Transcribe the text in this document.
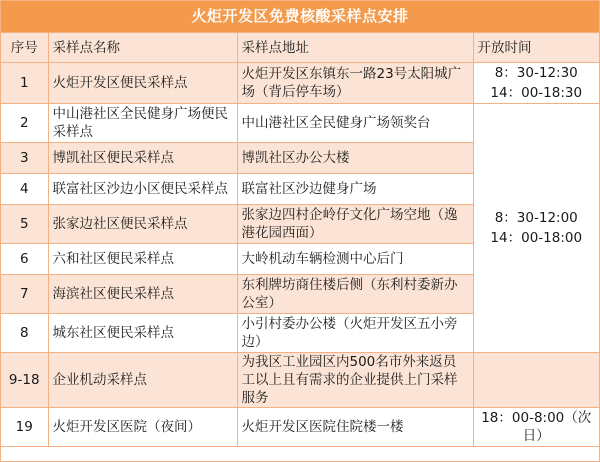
火炬开发区免费核酸采样点安排
序号	采样点名称	采样点地址	开放时间
1	火炬开发区便民采样点	火炬开发区东镇东一路23号太阳城广场（背后停车场）	8：30-12:30
14：00-18:30

2	中山港社区全民健身广场便民采样点	中山港社区全民健身广场领奖台	8：30-12:00
14：00-18:00

3	博凯社区便民采样点	博凯社区办公大楼	
4	联富社区沙边小区便民采样点	联富社区沙边健身广场	
5	张家边社区便民采样点	张家边四村企岭仔文化广场空地（逸港花园西面）	
6	六和社区便民采样点	大岭机动车辆检测中心后门	
7	海滨社区便民采样点	东利牌坊商住楼后侧（东利村委新办公室）	
8	城东社区便民采样点	小引村委办公楼（火炬开发区五小旁边）	
9-18	企业机动采样点	为我区工业园区内500名市外来返员工以上且有需求的企业提供上门采样服务	
19	火炬开发区医院（夜间）	火炬开发区医院住院楼一楼	18：00-8:00（次日）
